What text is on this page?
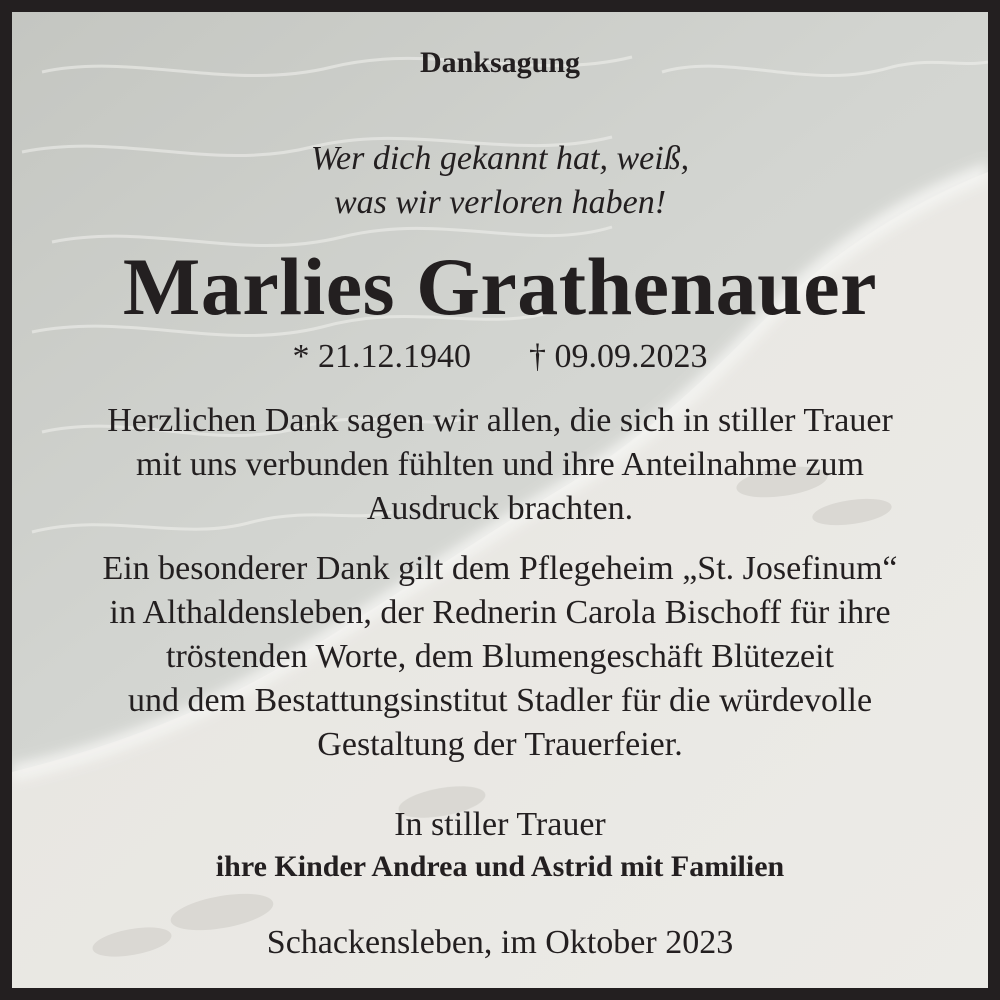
Danksagung
Wer dich gekannt hat, weiß,
was wir verloren haben!
Marlies Grathenauer
* 21.12.1940 † 09.09.2023
Herzlichen Dank sagen wir allen, die sich in stiller Trauer
mit uns verbunden fühlten und ihre Anteilnahme zum
Ausdruck brachten.
Ein besonderer Dank gilt dem Pflegeheim „St. Josefinum“
in Althaldensleben, der Rednerin Carola Bischoff für ihre
tröstenden Worte, dem Blumengeschäft Blütezeit
und dem Bestattungsinstitut Stadler für die würdevolle
Gestaltung der Trauerfeier.
In stiller Trauer
ihre Kinder Andrea und Astrid mit Familien
Schackensleben, im Oktober 2023
